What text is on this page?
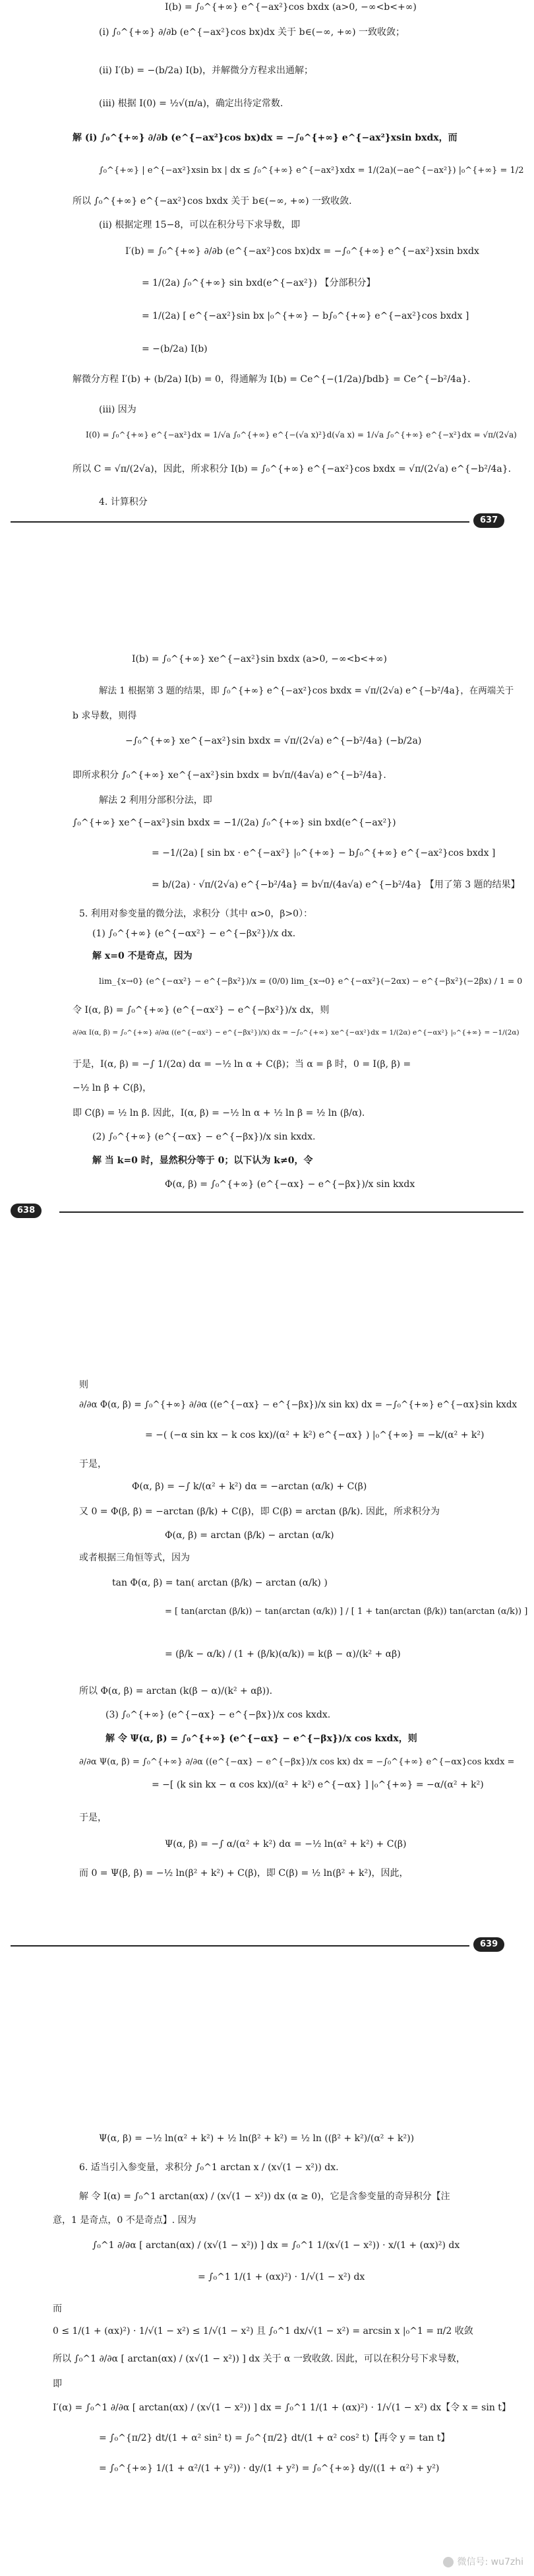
I(b) = ∫₀^{+∞} e^{−ax²}cos bxdx (a>0, −∞<b<+∞)
(i) ∫₀^{+∞} ∂/∂b (e^{−ax²}cos bx)dx 关于 b∈(−∞, +∞) 一致收敛；
(ii) I′(b) = −(b/2a) I(b)，并解微分方程求出通解；
(iii) 根据 I(0) = ½√(π/a)，确定出待定常数.
解 (i) ∫₀^{+∞} ∂/∂b (e^{−ax²}cos bx)dx = −∫₀^{+∞} e^{−ax²}xsin bxdx，而
∫₀^{+∞} | e^{−ax²}xsin bx | dx ≤ ∫₀^{+∞} e^{−ax²}xdx = 1/(2a)(−ae^{−ax²}) |₀^{+∞} = 1/2
所以 ∫₀^{+∞} e^{−ax²}cos bxdx 关于 b∈(−∞, +∞) 一致收敛.
(ii) 根据定理 15−8，可以在积分号下求导数，即
I′(b) = ∫₀^{+∞} ∂/∂b (e^{−ax²}cos bx)dx = −∫₀^{+∞} e^{−ax²}xsin bxdx
= 1/(2a) ∫₀^{+∞} sin bxd(e^{−ax²}) 【分部积分】
= 1/(2a) [ e^{−ax²}sin bx |₀^{+∞} − b∫₀^{+∞} e^{−ax²}cos bxdx ]
= −(b/2a) I(b)
解微分方程 I′(b) + (b/2a) I(b) = 0，得通解为 I(b) = Ce^{−(1/2a)∫bdb} = Ce^{−b²/4a}.
(iii) 因为
I(0) = ∫₀^{+∞} e^{−ax²}dx = 1/√a ∫₀^{+∞} e^{−(√a x)²}d(√a x) = 1/√a ∫₀^{+∞} e^{−x²}dx = √π/(2√a)
所以 C = √π/(2√a)，因此，所求积分 I(b) = ∫₀^{+∞} e^{−ax²}cos bxdx = √π/(2√a) e^{−b²/4a}.
4. 计算积分
637
I(b) = ∫₀^{+∞} xe^{−ax²}sin bxdx (a>0, −∞<b<+∞)
解法 1 根据第 3 题的结果，即 ∫₀^{+∞} e^{−ax²}cos bxdx = √π/(2√a) e^{−b²/4a}，在两端关于
b 求导数，则得
−∫₀^{+∞} xe^{−ax²}sin bxdx = √π/(2√a) e^{−b²/4a} (−b/2a)
即所求积分 ∫₀^{+∞} xe^{−ax²}sin bxdx = b√π/(4a√a) e^{−b²/4a}.
解法 2 利用分部积分法，即
∫₀^{+∞} xe^{−ax²}sin bxdx = −1/(2a) ∫₀^{+∞} sin bxd(e^{−ax²})
= −1/(2a) [ sin bx · e^{−ax²} |₀^{+∞} − b∫₀^{+∞} e^{−ax²}cos bxdx ]
= b/(2a) · √π/(2√a) e^{−b²/4a} = b√π/(4a√a) e^{−b²/4a} 【用了第 3 题的结果】
5. 利用对参变量的微分法，求积分（其中 α>0，β>0）：
(1) ∫₀^{+∞} (e^{−αx²} − e^{−βx²})/x dx.
解 x=0 不是奇点，因为
lim_{x→0} (e^{−αx²} − e^{−βx²})/x = (0/0) lim_{x→0} e^{−αx²}(−2αx) − e^{−βx²}(−2βx) / 1 = 0
令 I(α, β) = ∫₀^{+∞} (e^{−αx²} − e^{−βx²})/x dx，则
∂/∂α I(α, β) = ∫₀^{+∞} ∂/∂α ((e^{−αx²} − e^{−βx²})/x) dx = −∫₀^{+∞} xe^{−αx²}dx = 1/(2α) e^{−αx²} |₀^{+∞} = −1/(2α)
于是，I(α, β) = −∫ 1/(2α) dα = −½ ln α + C(β)；当 α = β 时，0 = I(β, β) =
−½ ln β + C(β)，
即 C(β) = ½ ln β. 因此，I(α, β) = −½ ln α + ½ ln β = ½ ln (β/α).
(2) ∫₀^{+∞} (e^{−αx} − e^{−βx})/x sin kxdx.
解 当 k=0 时，显然积分等于 0；以下认为 k≠0，令
Φ(α, β) = ∫₀^{+∞} (e^{−αx} − e^{−βx})/x sin kxdx
638
则
∂/∂α Φ(α, β) = ∫₀^{+∞} ∂/∂α ((e^{−αx} − e^{−βx})/x sin kx) dx = −∫₀^{+∞} e^{−αx}sin kxdx
= −( (−α sin kx − k cos kx)/(α² + k²) e^{−αx} ) |₀^{+∞} = −k/(α² + k²)
于是，
Φ(α, β) = −∫ k/(α² + k²) dα = −arctan (α/k) + C(β)
又 0 = Φ(β, β) = −arctan (β/k) + C(β)，即 C(β) = arctan (β/k). 因此，所求积分为
Φ(α, β) = arctan (β/k) − arctan (α/k)
或者根据三角恒等式，因为
tan Φ(α, β) = tan( arctan (β/k) − arctan (α/k) )
= [ tan(arctan (β/k)) − tan(arctan (α/k)) ] / [ 1 + tan(arctan (β/k)) tan(arctan (α/k)) ]
= (β/k − α/k) / (1 + (β/k)(α/k)) = k(β − α)/(k² + αβ)
所以 Φ(α, β) = arctan (k(β − α)/(k² + αβ)).
(3) ∫₀^{+∞} (e^{−αx} − e^{−βx})/x cos kxdx.
解 令 Ψ(α, β) = ∫₀^{+∞} (e^{−αx} − e^{−βx})/x cos kxdx，则
∂/∂α Ψ(α, β) = ∫₀^{+∞} ∂/∂α ((e^{−αx} − e^{−βx})/x cos kx) dx = −∫₀^{+∞} e^{−αx}cos kxdx =
= −[ (k sin kx − α cos kx)/(α² + k²) e^{−αx} ] |₀^{+∞} = −α/(α² + k²)
于是，
Ψ(α, β) = −∫ α/(α² + k²) dα = −½ ln(α² + k²) + C(β)
而 0 = Ψ(β, β) = −½ ln(β² + k²) + C(β)，即 C(β) = ½ ln(β² + k²)，因此，
639
Ψ(α, β) = −½ ln(α² + k²) + ½ ln(β² + k²) = ½ ln ((β² + k²)/(α² + k²))
6. 适当引入参变量，求积分 ∫₀^1 arctan x / (x√(1 − x²)) dx.
解 令 I(α) = ∫₀^1 arctan(αx) / (x√(1 − x²)) dx (α ≥ 0)，它是含参变量的奇异积分【注
意，1 是奇点，0 不是奇点】. 因为
∫₀^1 ∂/∂α [ arctan(αx) / (x√(1 − x²)) ] dx = ∫₀^1 1/(x√(1 − x²)) · x/(1 + (αx)²) dx
= ∫₀^1 1/(1 + (αx)²) · 1/√(1 − x²) dx
而
0 ≤ 1/(1 + (αx)²) · 1/√(1 − x²) ≤ 1/√(1 − x²) 且 ∫₀^1 dx/√(1 − x²) = arcsin x |₀^1 = π/2 收敛
所以 ∫₀^1 ∂/∂α [ arctan(αx) / (x√(1 − x²)) ] dx 关于 α 一致收敛. 因此，可以在积分号下求导数，
即
I′(α) = ∫₀^1 ∂/∂α [ arctan(αx) / (x√(1 − x²)) ] dx = ∫₀^1 1/(1 + (αx)²) · 1/√(1 − x²) dx【令 x = sin t】
= ∫₀^{π/2} dt/(1 + α² sin² t) = ∫₀^{π/2} dt/(1 + α² cos² t)【再令 y = tan t】
= ∫₀^{+∞} 1/(1 + α²/(1 + y²)) · dy/(1 + y²) = ∫₀^{+∞} dy/((1 + α²) + y²)
微信号: wu7zhi
